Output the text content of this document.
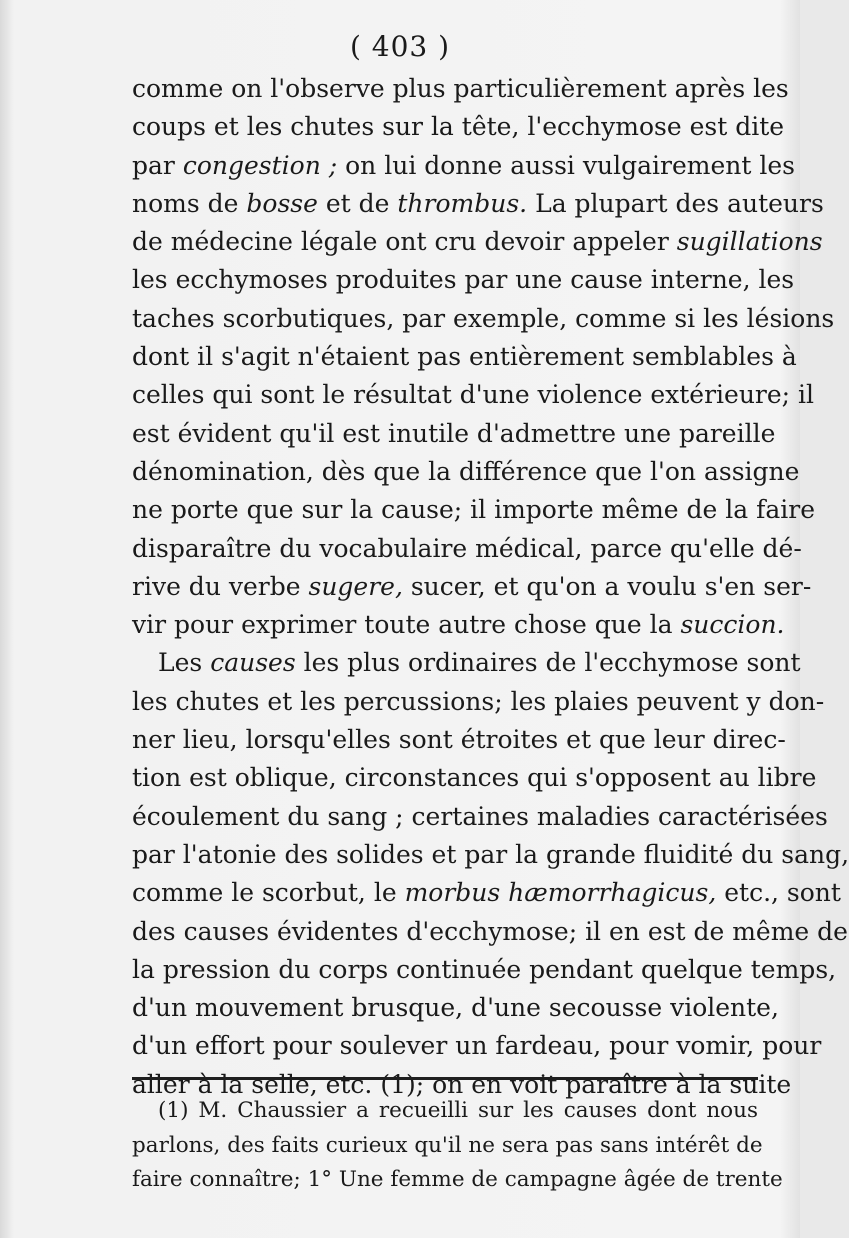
( 403 )
comme on l'observe plus particulièrement après les
coups et les chutes sur la tête, l'ecchymose est dite
par congestion ; on lui donne aussi vulgairement les
noms de bosse et de thrombus. La plupart des auteurs
de médecine légale ont cru devoir appeler sugillations
les ecchymoses produites par une cause interne, les
taches scorbutiques, par exemple, comme si les lésions
dont il s'agit n'étaient pas entièrement semblables à
celles qui sont le résultat d'une violence extérieure; il
est évident qu'il est inutile d'admettre une pareille
dénomination, dès que la différence que l'on assigne
ne porte que sur la cause; il importe même de la faire
disparaître du vocabulaire médical, parce qu'elle dé-
rive du verbe sugere, sucer, et qu'on a voulu s'en ser-
vir pour exprimer toute autre chose que la succion.
Les causes les plus ordinaires de l'ecchymose sont
les chutes et les percussions; les plaies peuvent y don-
ner lieu, lorsqu'elles sont étroites et que leur direc-
tion est oblique, circonstances qui s'opposent au libre
écoulement du sang ; certaines maladies caractérisées
par l'atonie des solides et par la grande fluidité du sang,
comme le scorbut, le morbus hæmorrhagicus, etc., sont
des causes évidentes d'ecchymose; il en est de même de
la pression du corps continuée pendant quelque temps,
d'un mouvement brusque, d'une secousse violente,
d'un effort pour soulever un fardeau, pour vomir, pour
aller à la selle, etc. (1); on en voit paraître à la suite
(1) M. Chaussier a recueilli sur les causes dont nous
parlons, des faits curieux qu'il ne sera pas sans intérêt de
faire connaître; 1° Une femme de campagne âgée de trente
